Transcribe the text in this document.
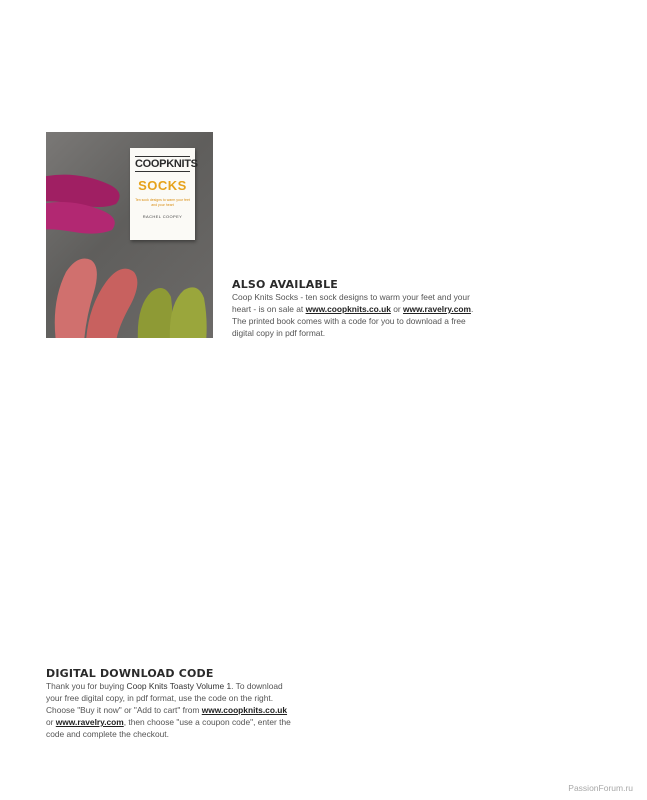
COOPKNITS
SOCKS
Ten sock designs to warm your feet and your heart
RACHEL COOPEY
ALSO AVAILABLE

Coop Knits Socks - ten sock designs to warm your feet and your

heart - is on sale at www.coopknits.co.uk or www.ravelry.com.

The printed book comes with a code for you to download a free

digital copy in pdf format.

DIGITAL DOWNLOAD CODE

Thank you for buying Coop Knits Toasty Volume 1. To download

your free digital copy, in pdf format, use the code on the right.

Choose "Buy it now" or "Add to cart" from www.coopknits.co.uk

or www.ravelry.com, then choose "use a coupon code", enter the

code and complete the checkout.

PassionForum.ru
